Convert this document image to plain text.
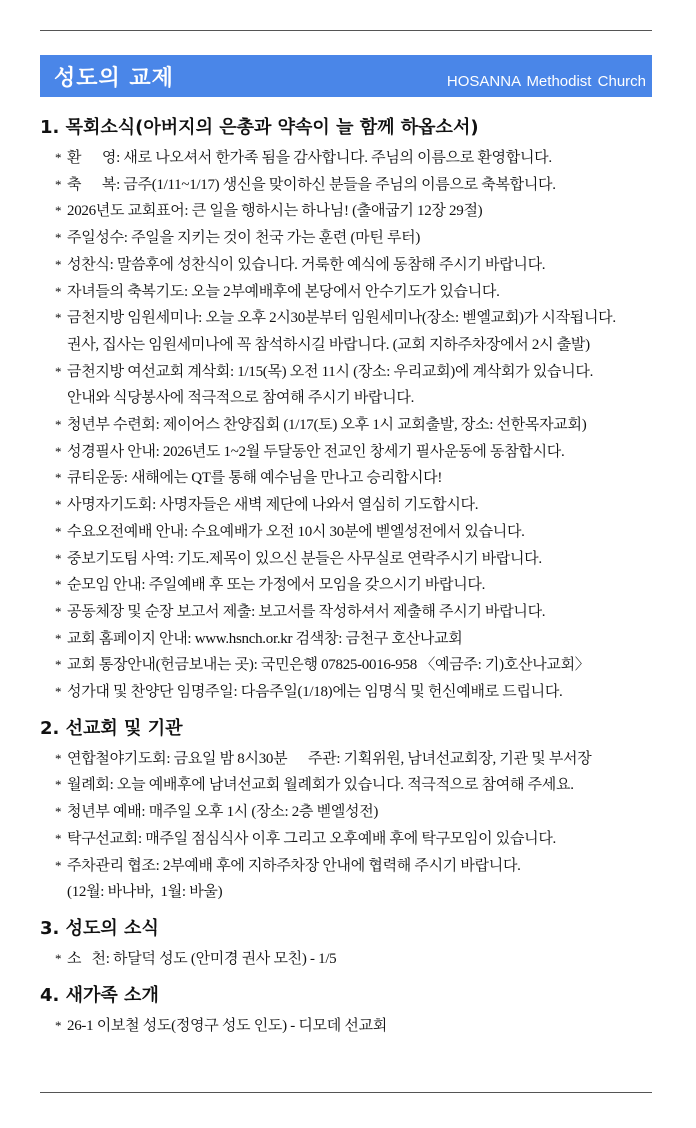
성도의 교제	HOSANNA Methodist Church
1. 목회소식(아버지의 은총과 약속이 늘 함께 하옵소서)
* 환      영: 새로 나오셔서 한가족 됨을 감사합니다. 주님의 이름으로 환영합니다.
* 축      복: 금주(1/11~1/17) 생신을 맞이하신 분들을 주님의 이름으로 축복합니다.
* 2026년도 교회표어: 큰 일을 행하시는 하나님! (출애굽기 12장 29절)
* 주일성수: 주일을 지키는 것이 천국 가는 훈련 (마틴 루터)
* 성찬식: 말씀후에 성찬식이 있습니다. 거룩한 예식에 동참해 주시기 바랍니다.
* 자녀들의 축복기도: 오늘 2부예배후에 본당에서 안수기도가 있습니다.
* 금천지방 임원세미나: 오늘 오후 2시30분부터 임원세미나(장소: 벧엘교회)가 시작됩니다.
권사, 집사는 임원세미나에 꼭 참석하시길 바랍니다. (교회 지하주차장에서 2시 출발)
* 금천지방 여선교회 계삭회: 1/15(목) 오전 11시 (장소: 우리교회)에 계삭회가 있습니다.
안내와 식당봉사에 적극적으로 참여해 주시기 바랍니다.
* 청년부 수련회: 제이어스 찬양집회 (1/17(토) 오후 1시 교회출발, 장소: 선한목자교회)
* 성경필사 안내: 2026년도 1~2월 두달동안 전교인 창세기 필사운동에 동참합시다.
* 큐티운동: 새해에는 QT를 통해 예수님을 만나고 승리합시다!
* 사명자기도회: 사명자들은 새벽 제단에 나와서 열심히 기도합시다.
* 수요오전예배 안내: 수요예배가 오전 10시 30분에 벧엘성전에서 있습니다.
* 중보기도팀 사역: 기도.제목이 있으신 분들은 사무실로 연락주시기 바랍니다.
* 순모임 안내: 주일예배 후 또는 가정에서 모임을 갖으시기 바랍니다.
* 공동체장 및 순장 보고서 제출: 보고서를 작성하셔서 제출해 주시기 바랍니다.
* 교회 홈페이지 안내: www.hsnch.or.kr 검색창: 금천구 호산나교회
* 교회 통장안내(헌금보내는 곳): 국민은행 07825-0016-958 〈예금주: 기)호산나교회〉
* 성가대 및 찬양단 임명주일: 다음주일(1/18)에는 임명식 및 헌신예배로 드립니다.
2. 선교회 및 기관
* 연합철야기도회: 금요일 밤 8시30분      주관: 기획위원, 남녀선교회장, 기관 및 부서장
* 월례회: 오늘 예배후에 남녀선교회 월례회가 있습니다. 적극적으로 참여해 주세요.
* 청년부 예배: 매주일 오후 1시 (장소: 2층 벧엘성전)
* 탁구선교회: 매주일 점심식사 이후 그리고 오후예배 후에 탁구모임이 있습니다.
* 주차관리 협조: 2부예배 후에 지하주차장 안내에 협력해 주시기 바랍니다.
(12월: 바나바,  1월: 바울)
3. 성도의 소식
* 소   천: 하달덕 성도 (안미경 권사 모친) - 1/5
4. 새가족 소개
* 26-1 이보철 성도(정영구 성도 인도) - 디모데 선교회
